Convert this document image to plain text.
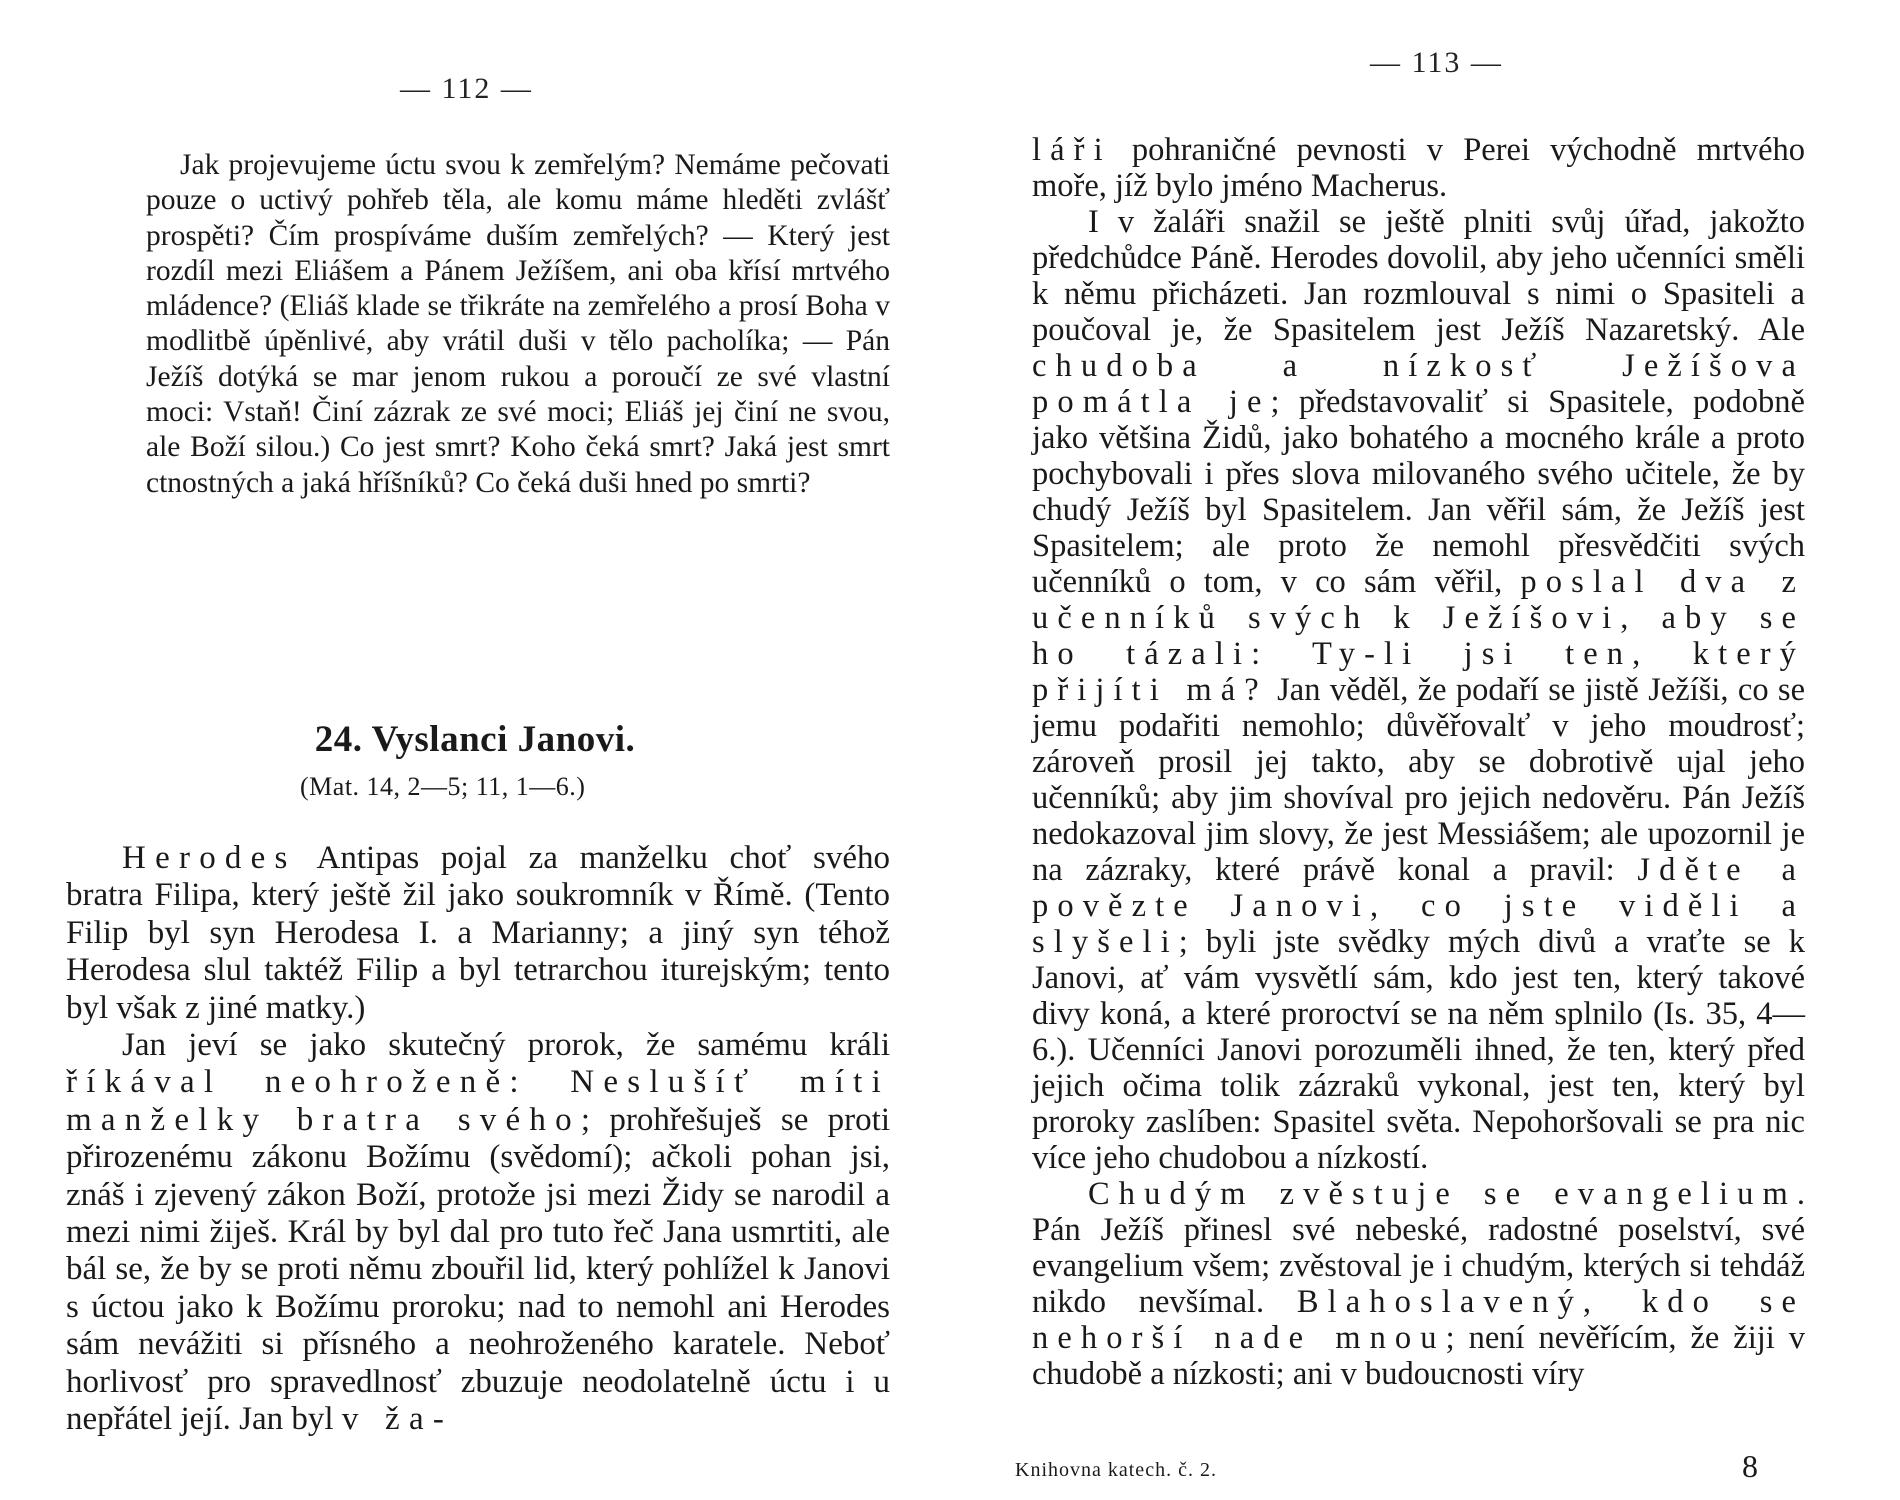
— 112 —

Jak projevujeme úctu svou k zemřelým? Nemáme pečovati pouze o uctivý pohřeb těla, ale komu máme hleděti zvlášť prospěti? Čím prospíváme duším zemřelých? — Který jest rozdíl mezi Eliášem a Pánem Ježíšem, ani oba křísí mrtvého mládence? (Eliáš klade se třikráte na zemřelého a prosí Boha v modlitbě úpěnlivé, aby vrátil duši v tělo pacholíka; — Pán Ježíš dotýká se mar jenom rukou a poroučí ze své vlastní moci: Vstaň! Činí zázrak ze své moci; Eliáš jej činí ne svou, ale Boží silou.) Co jest smrt? Koho čeká smrt? Jaká jest smrt ctnostných a jaká hříšníků? Co čeká duši hned po smrti?

24. Vyslanci Janovi.
(Mat. 14, 2—5; 11, 1—6.)

Herodes Antipas pojal za manželku choť svého bratra Filipa, který ještě žil jako soukromník v Římě. (Tento Filip byl syn Herodesa I. a Marianny; a jiný syn téhož Herodesa slul taktéž Filip a byl tetrarchou iturejským; tento byl však z jiné matky.)

Jan jeví se jako skutečný prorok, že samému králi říkával neohroženě: Neslušíť míti manželky bratra svého; prohřešuješ se proti přirozenému zákonu Božímu (svědomí); ačkoli pohan jsi, znáš i zjevený zákon Boží, protože jsi mezi Židy se narodil a mezi nimi žiješ. Král by byl dal pro tuto řeč Jana usmrtiti, ale bál se, že by se proti němu zbouřil lid, který pohlížel k Janovi s úctou jako k Božímu proroku; nad to nemohl ani Herodes sám nevážiti si přísného a neohroženého karatele. Neboť horlivosť pro spravedlnosť zbuzuje neodolatelně úctu i u nepřátel její. Jan byl v ža-

— 113 —

láři pohraničné pevnosti v Perei východně mrtvého moře, jíž bylo jméno Macherus.

I v žaláři snažil se ještě plniti svůj úřad, jakožto předchůdce Páně. Herodes dovolil, aby jeho učenníci směli k němu přicházeti. Jan rozmlouval s nimi o Spasiteli a poučoval je, že Spasitelem jest Ježíš Nazaretský. Ale chudoba a nízkosť Ježíšova pomátla je; představovaliť si Spasitele, podobně jako většina Židů, jako bohatého a mocného krále a proto pochybovali i přes slova milovaného svého učitele, že by chudý Ježíš byl Spasitelem. Jan věřil sám, že Ježíš jest Spasitelem; ale proto že nemohl přesvědčiti svých učenníků o tom, v co sám věřil, poslal dva z učenníků svých k Ježíšovi, aby se ho tázali: Ty-li jsi ten, který přijíti má? Jan věděl, že podaří se jistě Ježíši, co se jemu podařiti nemohlo; důvěřovalť v jeho moudrosť; zároveň prosil jej takto, aby se dobrotivě ujal jeho učenníků; aby jim shovíval pro jejich nedověru. Pán Ježíš nedokazoval jim slovy, že jest Messiášem; ale upozornil je na zázraky, které právě konal a pravil: Jděte a povězte Janovi, co jste viděli a slyšeli; byli jste svědky mých divů a vraťte se k Janovi, ať vám vysvětlí sám, kdo jest ten, který takové divy koná, a které proroctví se na něm splnilo (Is. 35, 4—6.). Učenníci Janovi porozuměli ihned, že ten, který před jejich očima tolik zázraků vykonal, jest ten, který byl proroky zaslíben: Spasitel světa. Nepohoršovali se pra nic více jeho chudobou a nízkostí.

Chudým zvěstuje se evangelium. Pán Ježíš přinesl své nebeské, radostné poselství, své evangelium všem; zvěstoval je i chudým, kterých si tehdáž nikdo nevšímal. Blahoslavený, kdo se nehorší nade mnou; není nevěřícím, že žiji v chudobě a nízkosti; ani v budoucnosti víry

Knihovna katech. č. 2.	8
